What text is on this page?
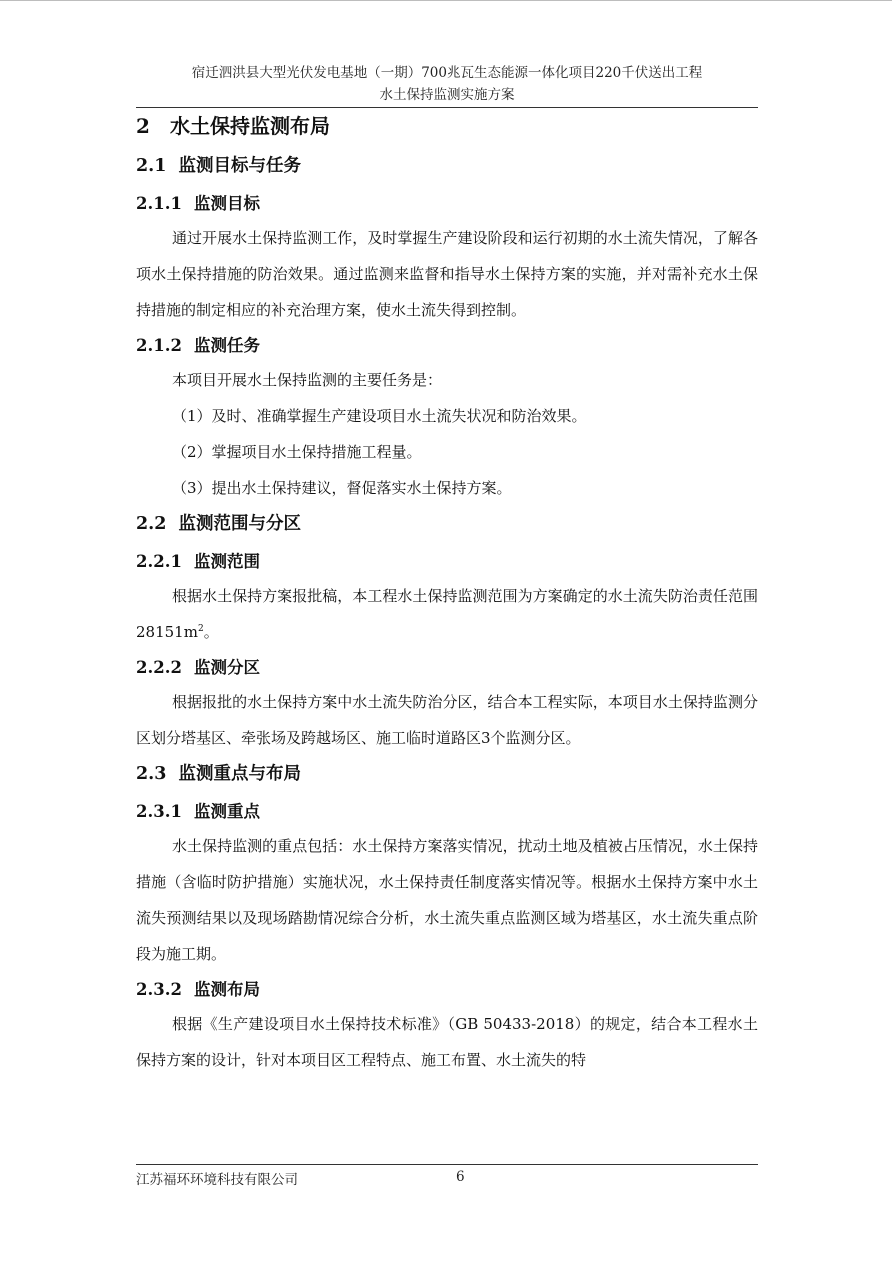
宿迁泗洪县大型光伏发电基地（一期）700兆瓦生态能源一体化项目220千伏送出工程
水土保持监测实施方案
2 水土保持监测布局
2.1 监测目标与任务
2.1.1 监测目标

通过开展水土保持监测工作，及时掌握生产建设阶段和运行初期的水土流失情况，了解各项水土保持措施的防治效果。通过监测来监督和指导水土保持方案的实施，并对需补充水土保持措施的制定相应的补充治理方案，使水土流失得到控制。

2.1.2 监测任务

本项目开展水土保持监测的主要任务是：

（1）及时、准确掌握生产建设项目水土流失状况和防治效果。
（2）掌握项目水土保持措施工程量。
（3）提出水土保持建议，督促落实水土保持方案。
2.2 监测范围与分区
2.2.1 监测范围

根据水土保持方案报批稿，本工程水土保持监测范围为方案确定的水土流失防治责任范围$28151m^2$。

2.2.2 监测分区

根据报批的水土保持方案中水土流失防治分区，结合本工程实际，本项目水土保持监测分区划分塔基区、牵张场及跨越场区、施工临时道路区3个监测分区。

2.3 监测重点与布局
2.3.1 监测重点

水土保持监测的重点包括：水土保持方案落实情况，扰动土地及植被占压情况，水土保持措施（含临时防护措施）实施状况，水土保持责任制度落实情况等。根据水土保持方案中水土流失预测结果以及现场踏勘情况综合分析，水土流失重点监测区域为塔基区，水土流失重点阶段为施工期。

2.3.2 监测布局

根据《生产建设项目水土保持技术标准》（GB 50433-2018）的规定，结合本工程水土保持方案的设计，针对本项目区工程特点、施工布置、水土流失的特

江苏福环环境科技有限公司	6
